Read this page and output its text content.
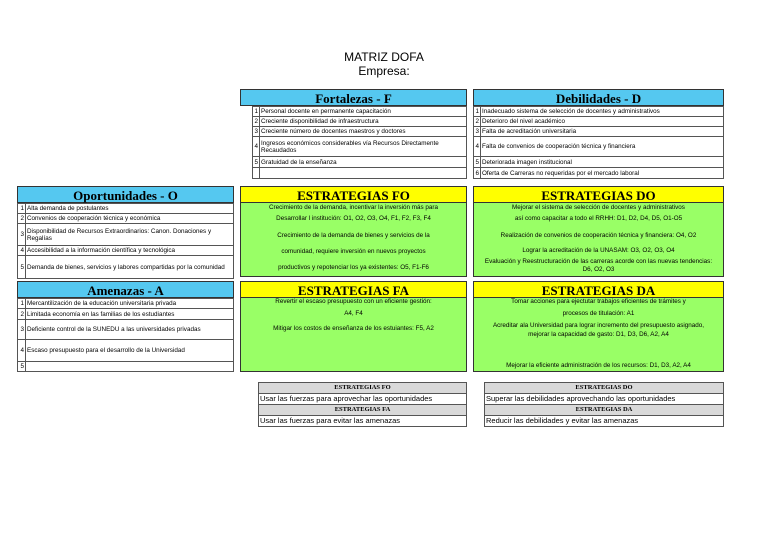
MATRIZ DOFA
Empresa:
Fortalezas - F
1	Personal docente en permanente capacitación
2	Creciente disponibilidad de infraestructura
3	Creciente número de docentes maestros y doctores
4	Ingresos económicos considerables vía Recursos Directamente Recaudados
5	Gratuidad de la enseñanza

Debilidades - D
1	Inadecuado sistema de selección de docentes y administrativos
2	Deterioro del nivel académico
3	Falta de acreditación universitaria
4	Falta de convenios de cooperación técnica y financiera
5	Deteriorada imagen institucional
6	Oferta de Carreras no requeridas por el mercado laboral
Oportunidades - O
1	Alta demanda de postulantes
2	Convenios de cooperación técnica y económica
3	Disponibilidad de Recursos Extraordinarios: Canon. Donaciones y Regalías
4	Accesibilidad a la información científica y tecnológica
5	Demanda de bienes, servicios y labores compartidas por la comunidad
Amenazas - A
1	Mercantilización de la educación universitaria privada
2	Limitada economía en las familias de los estudiantes
3	Deficiente control de la SUNEDU a las universidades privadas
4	Escaso presupuesto para el desarrollo de la Universidad
5	
ESTRATEGIAS FO
Crecimiento de la demanda, incentivar la inversión más para
Desarrollar l institución: O1, O2, O3, O4, F1, F2, F3, F4
Crecimiento de la demanda de bienes y servicios de la
comunidad, requiere inversión en nuevos proyectos
productivos y repotenciar los ya existentes: O5, F1-F6
ESTRATEGIAS DO
Mejorar el sistema de selección de docentes y administrativos
así como capacitar a todo el RRHH: D1, D2, D4, D5, O1-O5
Realización de convenios de cooperación técnica y financiera: O4, O2
Lograr la acreditación de la UNASAM: O3, O2, O3, O4
Evaluación y Reestructuración de las carreras acorde con las nuevas tendencias:
D6, O2, O3
ESTRATEGIAS FA
Revertir el escaso presupuesto con un eficiente gestión:
A4, F4
Mitigar los costos de enseñanza de los estuiantes: F5, A2
ESTRATEGIAS DA
Tomar acciones para ejectutar trabajos eficientes de trámites y
procesos de titulación: A1
Acreditar ala Universidad para lograr incremento del presupuesto asignado,
mejorar la capacidad de gasto: D1, D3, D6, A2, A4
Mejorar la eficiente administración de los recursos: D1, D3, A2, A4
ESTRATEGIAS FO
Usar las fuerzas para aprovechar las oportunidades
ESTRATEGIAS FA
Usar las fuerzas para evitar las amenazas
ESTRATEGIAS DO
Superar las debilidades aprovechando las oportunidades
ESTRATEGIAS DA
Reducir las debilidades y evitar las amenazas
